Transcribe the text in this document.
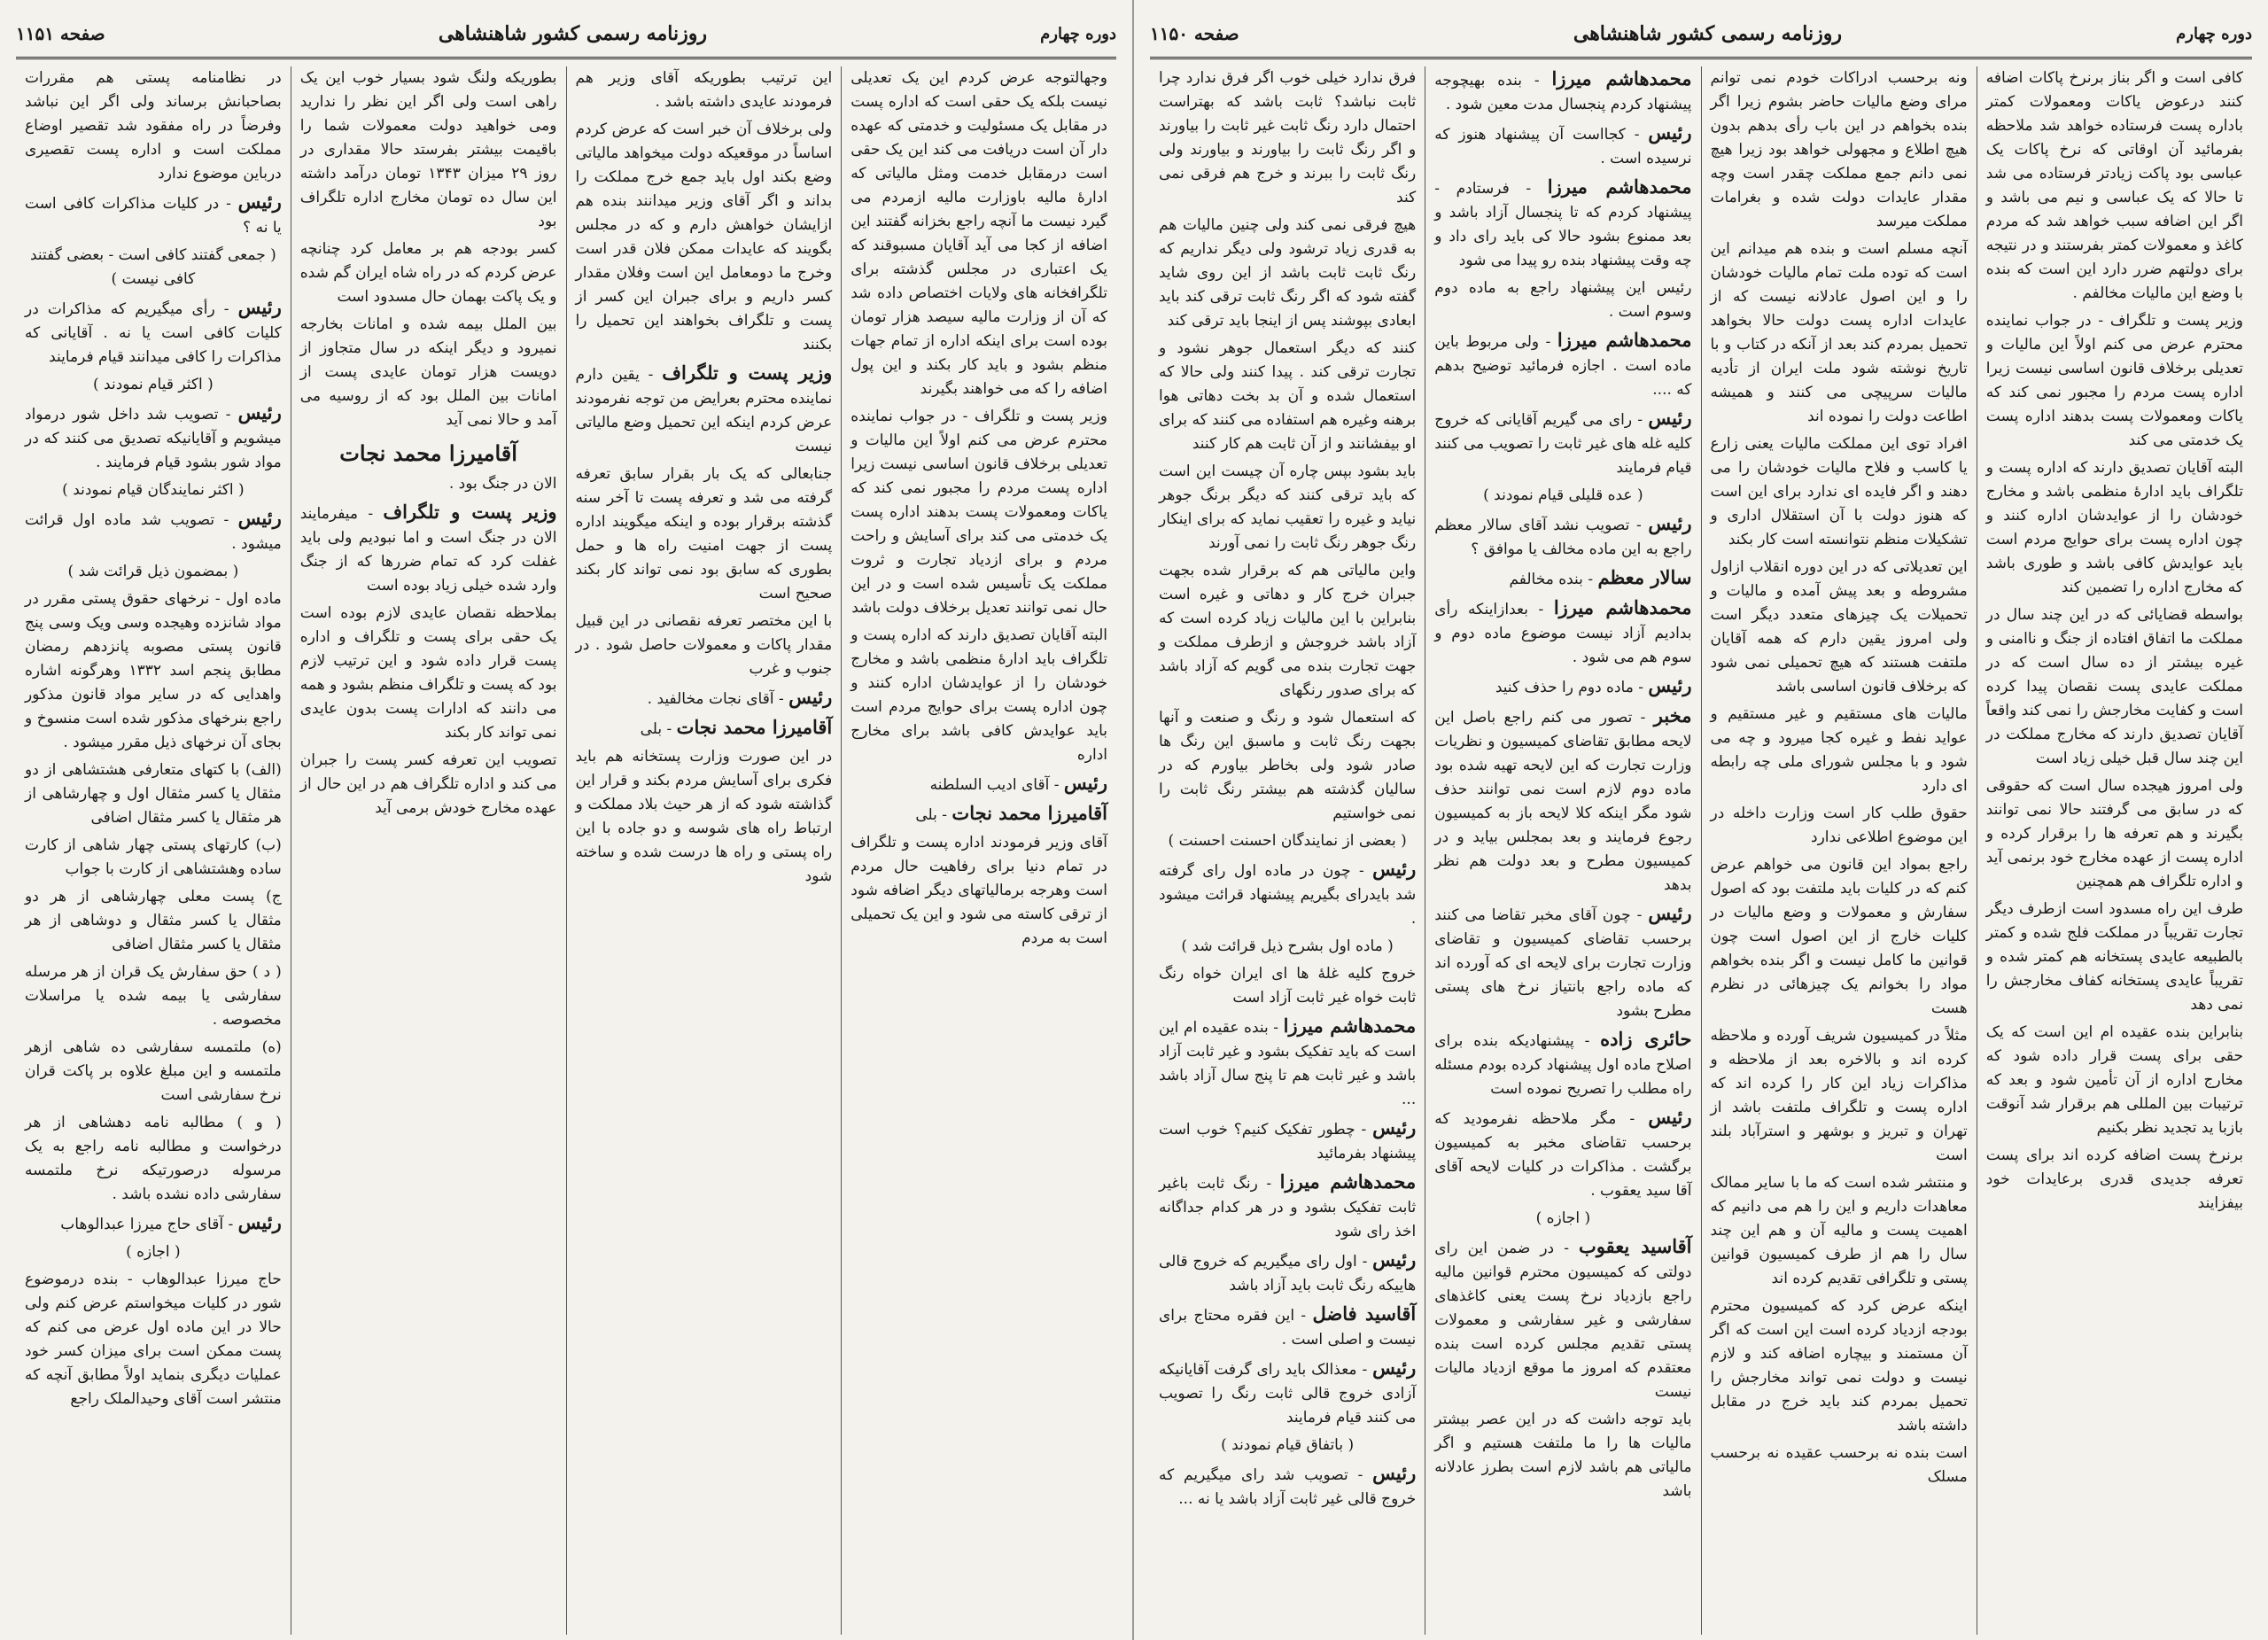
دوره چهارم
روزنامه رسمی کشور شاهنشاهی
صفحه ۱۱۵۱

وجهالتوجه عرض کردم این یک تعدیلی نیست بلکه یک حقی است که اداره پست در مقابل یک مسئولیت و خدمتی که عهده دار آن است دریافت می کند این یک حقی است درمقابل خدمت ومثل مالیاتی که ادارهٔ مالیه باوزارت مالیه ازمردم می گیرد نیست ما آنچه راجع بخزانه گفتند این اضافه از کجا می آید آقایان مسبوقند که یک اعتباری در مجلس گذشته برای تلگرافخانه های ولایات اختصاص داده شد که آن از وزارت مالیه سیصد هزار تومان بوده است برای اینکه اداره از تمام جهات منظم بشود و باید کار بکند و این پول اضافه را که می خواهند بگیرند

وزیر پست و تلگراف - در جواب نماینده محترم عرض می کنم اولاً این مالیات و تعدیلی برخلاف قانون اساسی نیست زیرا اداره پست مردم را مجبور نمی کند که یاکات ومعمولات پست بدهند اداره پست یک خدمتی می کند برای آسایش و راحت مردم و برای ازدیاد تجارت و ثروت مملکت یک تأسیس شده است و در این حال نمی توانند تعدیل برخلاف دولت باشد

البته آقایان تصدیق دارند که اداره پست و تلگراف باید ادارهٔ منظمی باشد و مخارج خودشان را از عوایدشان اداره کنند و چون اداره پست برای حوایج مردم است باید عوایدش کافی باشد برای مخارج اداره

رئیس - آقای ادیب السلطنه

آقامیرزا محمد نجات - بلی

آقای وزیر فرمودند اداره پست و تلگراف در تمام دنیا برای رفاهیت حال مردم است وهرجه برمالیاتهای دیگر اضافه شود از ترقی کاسته می شود و این یک تحمیلی است به مردم

این ترتیب بطوریکه آقای وزیر هم فرمودند عایدی داشته باشد .

ولی برخلاف آن خبر است که عرض کردم اساساً در موقعیکه دولت میخواهد مالیاتی وضع بکند اول باید جمع خرج مملکت را بداند و اگر آقای وزیر میدانند بنده هم ازایشان خواهش دارم و که در مجلس بگویند که عایدات ممکن فلان قدر است وخرج ما دومعامل این است وفلان مقدار کسر داریم و برای جبران این کسر از پست و تلگراف بخواهند این تحمیل را بکنند

وزیر پست و تلگراف - یقین دارم نماینده محترم بعرایض من توجه نفرمودند عرض کردم اینکه این تحمیل وضع مالیاتی نیست

جنابعالی که یک بار بقرار سابق تعرفه گرفته می شد و تعرفه پست تا آخر سنه گذشته برقرار بوده و اینکه میگویند اداره پست از جهت امنیت راه ها و حمل بطوری که سابق بود نمی تواند کار بکند صحیح است

با این مختصر تعرفه نقصانی در این قبیل مقدار پاکات و معمولات حاصل شود . در جنوب و غرب

رئیس - آقای نجات مخالفید .

آقامیرزا محمد نجات - بلی

در این صورت وزارت پستخانه هم باید فکری برای آسایش مردم بکند و قرار این گذاشته شود که از هر حیث بلاد مملکت و ارتباط راه های شوسه و دو جاده با این راه پستی و راه ها درست شده و ساخته شود

بطوریکه ولنگ شود بسیار خوب این یک راهی است ولی اگر این نظر را ندارید ومی خواهید دولت معمولات شما را باقیمت بیشتر بفرستد حالا مقداری در روز ۲۹ میزان ۱۳۴۳ تومان درآمد داشته این سال ده تومان مخارج اداره تلگراف بود

کسر بودجه هم بر معامل کرد چنانچه عرض کردم که در راه شاه ایران گم شده و یک پاکت بهمان حال مسدود است

بین الملل بیمه شده و امانات بخارجه نمیرود و دیگر اینکه در سال متجاوز از دویست هزار تومان عایدی پست از امانات بین الملل بود که از روسیه می آمد و حالا نمی آید

آقامیرزا محمد نجات

الان در جنگ بود .

وزیر پست و تلگراف - میفرمایند الان در جنگ است و اما نبودیم ولی باید غفلت کرد که تمام ضررها که از جنگ وارد شده خیلی زیاد بوده است

بملاحظه نقصان عایدی لازم بوده است یک حقی برای پست و تلگراف و اداره پست قرار داده شود و این ترتیب لازم بود که پست و تلگراف منظم بشود و همه می دانند که ادارات پست بدون عایدی نمی تواند کار بکند

تصویب این تعرفه کسر پست را جبران می کند و اداره تلگراف هم در این حال از عهده مخارج خودش برمی آید

در نظامنامه پستی هم مقررات بصاحبانش برساند ولی اگر این نباشد وفرضاً در راه مفقود شد تقصیر اوضاع مملکت است و اداره پست تقصیری درباین موضوع ندارد

رئیس - در کلیات مذاکرات کافی است یا نه ؟

( جمعی گفتند کافی است - بعضی گفتند کافی نیست )

رئیس - رأی میگیریم که مذاکرات در کلیات کافی است یا نه . آقایانی که مذاکرات را کافی میدانند قیام فرمایند

( اکثر قیام نمودند )

رئیس - تصویب شد داخل شور درمواد میشویم و آقایانیکه تصدیق می کنند که در مواد شور بشود قیام فرمایند .

( اکثر نمایندگان قیام نمودند )

رئیس - تصویب شد ماده اول قرائت میشود .

( بمضمون ذیل قرائت شد )

ماده اول - نرخهای حقوق پستی مقرر در مواد شانزده وهیجده وسی ویک وسی پنج قانون پستی مصوبه پانزدهم رمضان مطابق پنجم اسد ۱۳۳۲ وهرگونه اشاره واهدایی که در سایر مواد قانون مذکور راجع بنرخهای مذکور شده است منسوخ و بجای آن نرخهای ذیل مقرر میشود .

(الف) با کتهای متعارفی هشتشاهی از دو مثقال یا کسر مثقال اول و چهارشاهی از هر مثقال یا کسر مثقال اضافی

(ب) کارتهای پستی چهار شاهی از کارت ساده وهشتشاهی از کارت با جواب

ج) پست معلی چهارشاهی از هر دو مثقال یا کسر مثقال و دوشاهی از هر مثقال یا کسر مثقال اضافی

( د ) حق سفارش یک قران از هر مرسله سفارشی یا بیمه شده یا مراسلات مخصوصه .

(ه) ملتمسه سفارشی ده شاهی ازهر ملتمسه و این مبلغ علاوه بر پاکت قران نرخ سفارشی است

( و ) مطالبه نامه دهشاهی از هر درخواست و مطالبه نامه راجع به یک مرسوله درصورتیکه نرخ ملتمسه سفارشی داده نشده باشد .

رئیس - آقای حاج میرزا عبدالوهاب

( اجازه )

حاج میرزا عبدالوهاب - بنده درموضوع شور در کلیات میخواستم عرض کنم ولی حالا در این ماده اول عرض می کنم که پست ممکن است برای میزان کسر خود عملیات دیگری بنماید اولاً مطابق آنچه که منتشر است آقای وحیدالملک راجع

دوره چهارم
روزنامه رسمی کشور شاهنشاهی
صفحه ۱۱۵۰

کافی است و اگر بناز برنرخ پاکات اضافه کنند درعوض یاکات ومعمولات کمتر باداره پست فرستاده خواهد شد ملاحظه بفرمائید آن اوقاتی که نرخ پاکات یک عباسی بود پاکت زیادتر فرستاده می شد تا حالا که یک عباسی و نیم می باشد و اگر این اضافه سبب خواهد شد که مردم کاغذ و معمولات کمتر بفرستند و در نتیجه برای دولتهم ضرر دارد این است که بنده با وضع این مالیات مخالفم .

وزیر پست و تلگراف - در جواب نماینده محترم عرض می کنم اولاً این مالیات و تعدیلی برخلاف قانون اساسی نیست زیرا اداره پست مردم را مجبور نمی کند که یاکات ومعمولات پست بدهند اداره پست یک خدمتی می کند

البته آقایان تصدیق دارند که اداره پست و تلگراف باید ادارهٔ منظمی باشد و مخارج خودشان را از عوایدشان اداره کنند و چون اداره پست برای حوایج مردم است باید عوایدش کافی باشد و طوری باشد که مخارج اداره را تضمین کند

بواسطه قضایائی که در این چند سال در مملکت ما اتفاق افتاده از جنگ و ناامنی و غیره بیشتر از ده سال است که در مملکت عایدی پست نقصان پیدا کرده است و کفایت مخارجش را نمی کند واقعاً آقایان تصدیق دارند که مخارج مملکت در این چند سال قبل خیلی زیاد است

ولی امروز هیجده سال است که حقوقی که در سابق می گرفتند حالا نمی توانند بگیرند و هم تعرفه ها را برقرار کرده و اداره پست از عهده مخارج خود برنمی آید و اداره تلگراف هم همچنین

طرف این راه مسدود است ازطرف دیگر تجارت تقریباً در مملکت فلج شده و کمتر بالطبیعه عایدی پستخانه هم کمتر شده و تقریباً عایدی پستخانه کفاف مخارجش را نمی دهد

بنابراین بنده عقیده ام این است که یک حقی برای پست قرار داده شود که مخارج اداره از آن تأمین شود و بعد که ترتیبات بین المللی هم برقرار شد آنوقت بازبا ید تجدید نظر بکنیم

برنرخ پست اضافه کرده اند برای پست تعرفه جدیدی قدری برعایدات خود بیفزایند

ونه برحسب ادراکات خودم نمی توانم مرای وضع مالیات حاضر بشوم زیرا اگر بنده بخواهم در این باب رأی بدهم بدون هیچ اطلاع و مجهولی خواهد بود زیرا هیچ نمی دانم جمع مملکت چقدر است وچه مقدار عایدات دولت شده و بغرامات مملکت میرسد

آنچه مسلم است و بنده هم میدانم این است که توده ملت تمام مالیات خودشان را و این اصول عادلانه نیست که از عایدات اداره پست دولت حالا بخواهد تحمیل بمردم کند بعد از آنکه در کتاب و با تاریخ نوشته شود ملت ایران از تأدیه مالیات سرپیچی می کنند و همیشه اطاعت دولت را نموده اند

افراد توی این مملکت مالیات یعنی زارع یا کاسب و فلاح مالیات خودشان را می دهند و اگر فایده ای ندارد برای این است که هنوز دولت با آن استقلال اداری و تشکیلات منظم نتوانسته است کار بکند

این تعدیلاتی که در این دوره انقلاب ازاول مشروطه و بعد پیش آمده و مالیات و تحمیلات یک چیزهای متعدد دیگر است ولی امروز یقین دارم که همه آقایان ملتفت هستند که هیچ تحمیلی نمی شود که برخلاف قانون اساسی باشد

مالیات های مستقیم و غیر مستقیم و عواید نفط و غیره کجا میرود و چه می شود و با مجلس شورای ملی چه رابطه ای دارد

حقوق طلب کار است وزارت داخله در این موضوع اطلاعی ندارد

راجع بمواد این قانون می خواهم عرض کنم که در کلیات باید ملتفت بود که اصول سفارش و معمولات و وضع مالیات در کلیات خارج از این اصول است چون قوانین ما کامل نیست و اگر بنده بخواهم مواد را بخوانم یک چیزهائی در نظرم هست

مثلاً در کمیسیون شریف آورده و ملاحظه کرده اند و بالاخره بعد از ملاحظه و مذاکرات زیاد این کار را کرده اند که اداره پست و تلگراف ملتفت باشد از تهران و تبریز و بوشهر و استرآباد بلند است

و منتشر شده است که ما با سایر ممالک معاهدات داریم و این را هم می دانیم که اهمیت پست و مالیه آن و هم این چند سال را هم از طرف کمیسیون قوانین پستی و تلگرافی تقدیم کرده اند

اینکه عرض کرد که کمیسیون محترم بودجه ازدیاد کرده است این است که اگر آن مستمند و بیچاره اضافه کند و لازم نیست و دولت نمی تواند مخارجش را تحمیل بمردم کند باید خرج در مقابل داشته باشد

است بنده نه برحسب عقیده نه برحسب مسلک

محمدهاشم میرزا - بنده بهیچوجه پیشنهاد کردم پنجسال مدت معین شود .

رئیس - کجااست آن پیشنهاد هنوز که نرسیده است .

محمدهاشم میرزا - فرستادم - پیشنهاد کردم که تا پنجسال آزاد باشد و بعد ممنوع بشود حالا کی باید رای داد و چه وقت پیشنهاد بنده رو پیدا می شود

رئیس این پیشنهاد راجع به ماده دوم وسوم است .

محمدهاشم میرزا - ولی مربوط باین ماده است . اجازه فرمائید توضیح بدهم که ....

رئیس - رای می گیریم آقایانی که خروج کلیه غله های غیر ثابت را تصویب می کنند قیام فرمایند

( عده قلیلی قیام نمودند )

رئیس - تصویب نشد آقای سالار معظم راجع به این ماده مخالف یا موافق ؟

سالار معظم - بنده مخالفم

محمدهاشم میرزا - بعدازاینکه رأی بدادیم آزاد نیست موضوع ماده دوم و سوم هم می شود .

رئیس - ماده دوم را حذف کنید

مخبر - تصور می کنم راجع باصل این لایحه مطابق تقاضای کمیسیون و نظریات وزارت تجارت که این لایحه تهیه شده بود ماده دوم لازم است نمی توانند حذف شود مگر اینکه کلا لایحه باز به کمیسیون رجوع فرمایند و بعد بمجلس بیاید و در کمیسیون مطرح و بعد دولت هم نظر بدهد

رئیس - چون آقای مخبر تقاضا می کنند برحسب تقاضای کمیسیون و تقاضای وزارت تجارت برای لایحه ای که آورده اند که ماده راجع بانتیاز نرخ های پستی مطرح بشود

حائری زاده - پیشنهادیکه بنده برای اصلاح ماده اول پیشنهاد کرده بودم مسئله راه مطلب را تصریح نموده است

رئیس - مگر ملاحظه نفرمودید که برحسب تقاضای مخبر به کمیسیون برگشت . مذاکرات در کلیات لایحه آقای آقا سید یعقوب .

( اجازه )

آقاسید یعقوب - در ضمن این رای دولتی که کمیسیون محترم قوانین مالیه راجع بازدیاد نرخ پست یعنی کاغذهای سفارشی و غیر سفارشی و معمولات پستی تقدیم مجلس کرده است بنده معتقدم که امروز ما موقع ازدیاد مالیات نیست

باید توجه داشت که در این عصر بیشتر مالیات ها را ما ملتفت هستیم و اگر مالیاتی هم باشد لازم است بطرز عادلانه باشد

فرق ندارد خیلی خوب اگر فرق ندارد چرا ثابت نباشد؟ ثابت باشد که بهتراست احتمال دارد رنگ ثابت غیر ثابت را بیاورند و اگر رنگ ثابت را بیاورند و بیاورند ولی رنگ ثابت را ببرند و خرج هم فرقی نمی کند

هیچ فرقی نمی کند ولی چنین مالیات هم به قدری زیاد ترشود ولی دیگر نداریم که رنگ ثابت ثابت باشد از این روی شاید گفته شود که اگر رنگ ثابت ترقی کند باید ابعادی بپوشند پس از اینجا باید ترقی کند

کنند که دیگر استعمال جوهر نشود و تجارت ترقی کند . پیدا کنند ولی حالا که استعمال شده و آن بد بخت دهاتی هوا برهنه وغیره هم استفاده می کنند که برای او بیفشانند و از آن ثابت هم کار کنند

باید بشود بپس چاره آن چیست این است که باید ترقی کنند که دیگر برنگ جوهر نیاید و غیره را تعقیب نماید که برای اینکار رنگ جوهر رنگ ثابت را نمی آورند

واین مالیاتی هم که برقرار شده بجهت جبران خرج کار و دهاتی و غیره است بنابراین با این مالیات زیاد کرده است که آزاد باشد خروجش و ازطرف مملکت و جهت تجارت بنده می گویم که آزاد باشد که برای صدور رنگهای

که استعمال شود و رنگ و صنعت و آنها بجهت رنگ ثابت و ماسبق این رنگ ها صادر شود ولی بخاطر بیاورم که در سالیان گذشته هم بیشتر رنگ ثابت را نمی خواستیم

( بعضی از نمایندگان احسنت احسنت )

رئیس - چون در ماده اول رای گرفته شد بایدرای بگیریم پیشنهاد قرائت میشود .

( ماده اول بشرح ذیل قرائت شد )

خروج کلیه غلهٔ ها ای ایران خواه رنگ ثابت خواه غیر ثابت آزاد است

محمدهاشم میرزا - بنده عقیده ام این است که باید تفکیک بشود و غیر ثابت آزاد باشد و غیر ثابت هم تا پنج سال آزاد باشد ...

رئیس - چطور تفکیک کنیم؟ خوب است پیشنهاد بفرمائید

محمدهاشم میرزا - رنگ ثابت باغیر ثابت تفکیک بشود و در هر کدام جداگانه اخذ رای شود

رئیس - اول رای میگیریم که خروج قالی هاییکه رنگ ثابت باید آزاد باشد

آقاسید فاضل - این فقره محتاج برای نیست و اصلی است .

رئیس - معذالک باید رای گرفت آقایانیکه آزادی خروج قالی ثابت رنگ را تصویب می کنند قیام فرمایند

( باتفاق قیام نمودند )

رئیس - تصویب شد رای میگیریم که خروج قالی غیر ثابت آزاد باشد یا نه ...
